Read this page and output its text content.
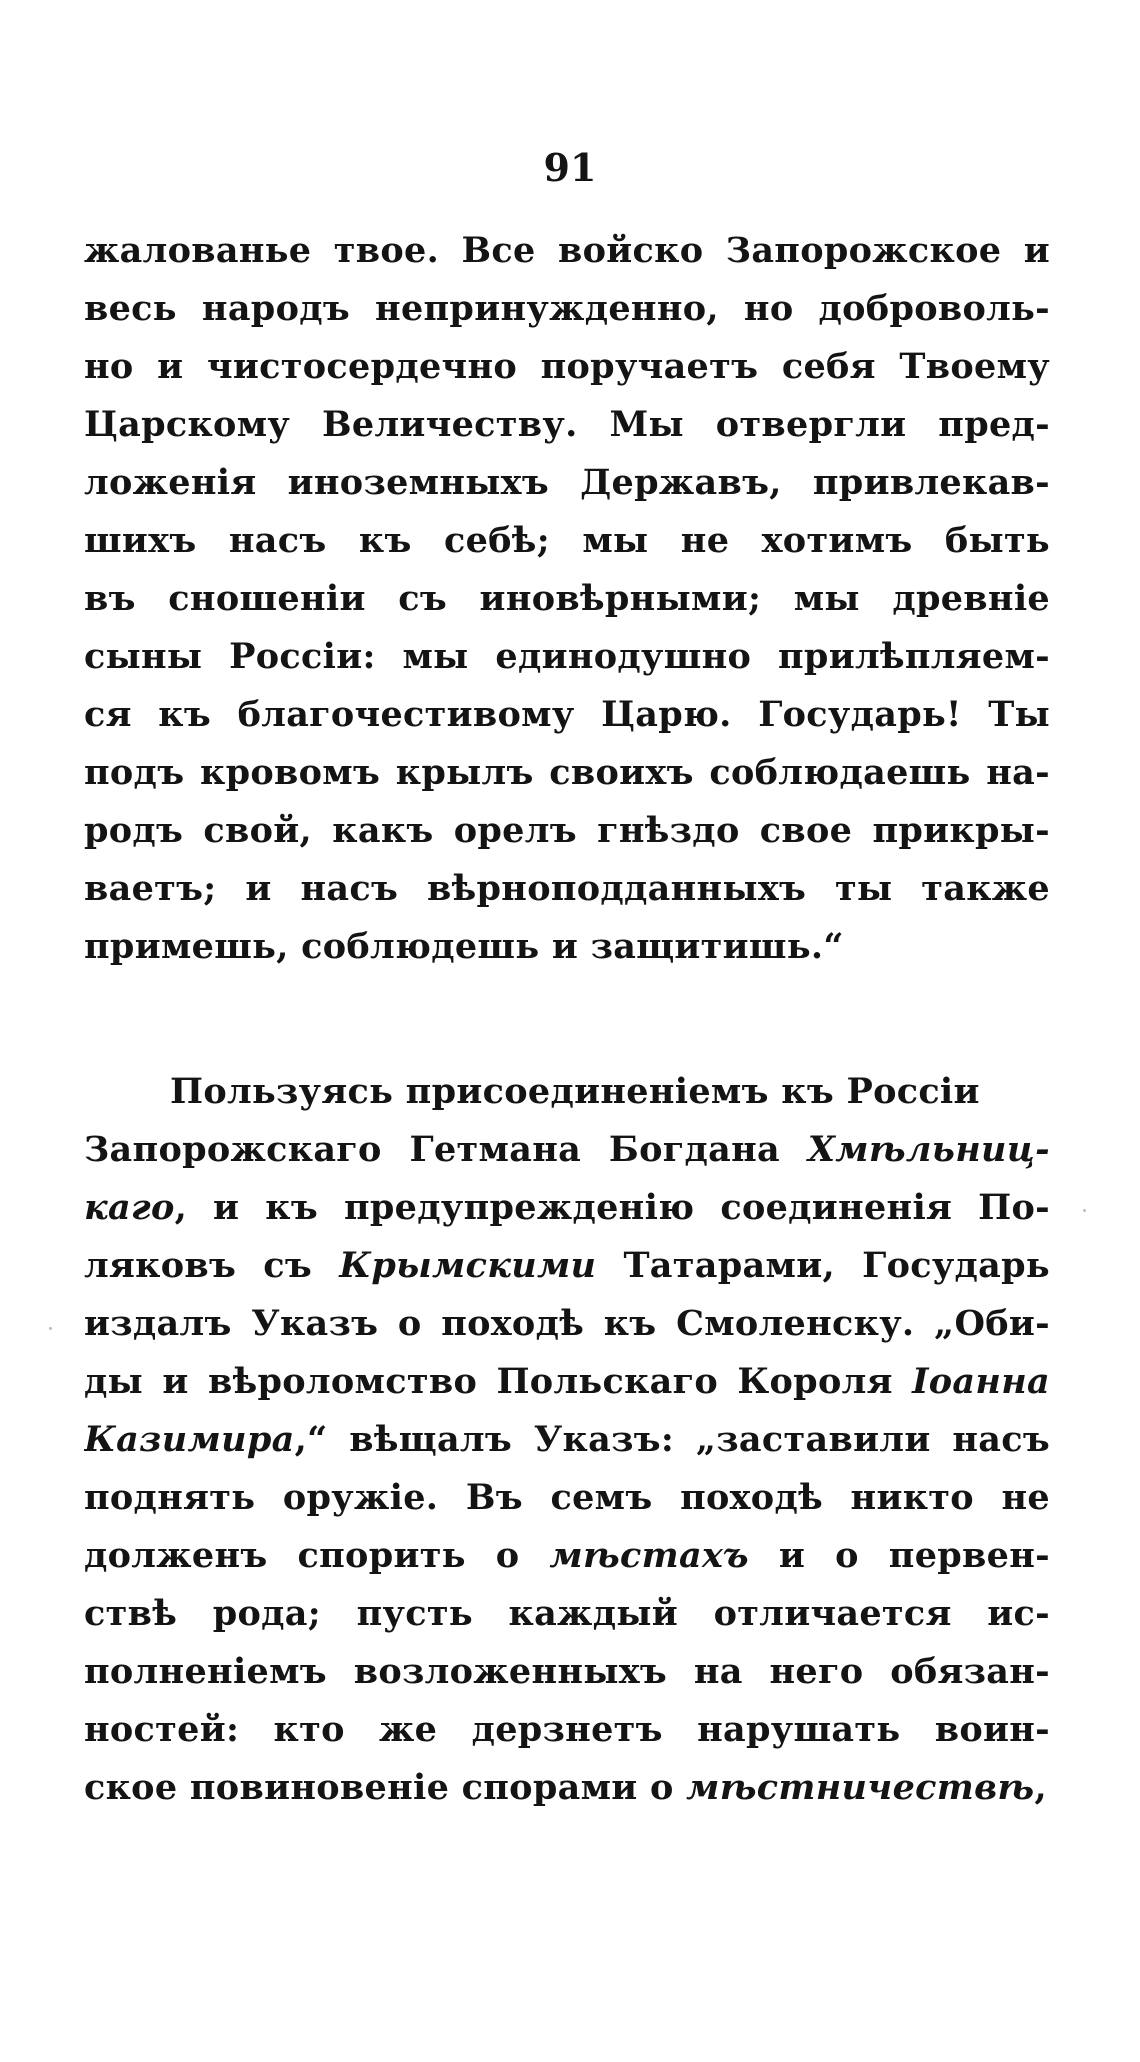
91
жалованье твое. Все войско Запорожское и
весь народъ непринужденно, но доброволь-
но и чистосердечно поручаетъ себя Твоему
Царскому Величеству. Мы отвергли пред-
ложенія иноземныхъ Державъ, привлекав-
шихъ насъ къ себѣ; мы не хотимъ быть
въ сношеніи съ иновѣрными; мы древніе
сыны Россіи: мы единодушно прилѣпляем-
ся къ благочестивому Царю. Государь! Ты
подъ кровомъ крылъ своихъ соблюдаешь на-
родъ свой, какъ орелъ гнѣздо свое прикры-
ваетъ; и насъ вѣрноподданныхъ ты также
примешь, соблюдешь и защитишь.“
Пользуясь присоединеніемъ къ Россіи
Запорожскаго Гетмана Богдана Хмѣльниц-
каго, и къ предупрежденію соединенія По-
ляковъ съ Крымскими Татарами, Государь
издалъ Указъ о походѣ къ Смоленску. „Оби-
ды и вѣроломство Польскаго Короля Іоанна
Казимира,“ вѣщалъ Указъ: „заставили насъ
поднять оружіе. Въ семъ походѣ никто не
долженъ спорить о мѣстахъ и о первен-
ствѣ рода; пусть каждый отличается ис-
полненіемъ возложенныхъ на него обязан-
ностей: кто же дерзнетъ нарушать воин-
ское повиновеніе спорами о мѣстничествѣ,
